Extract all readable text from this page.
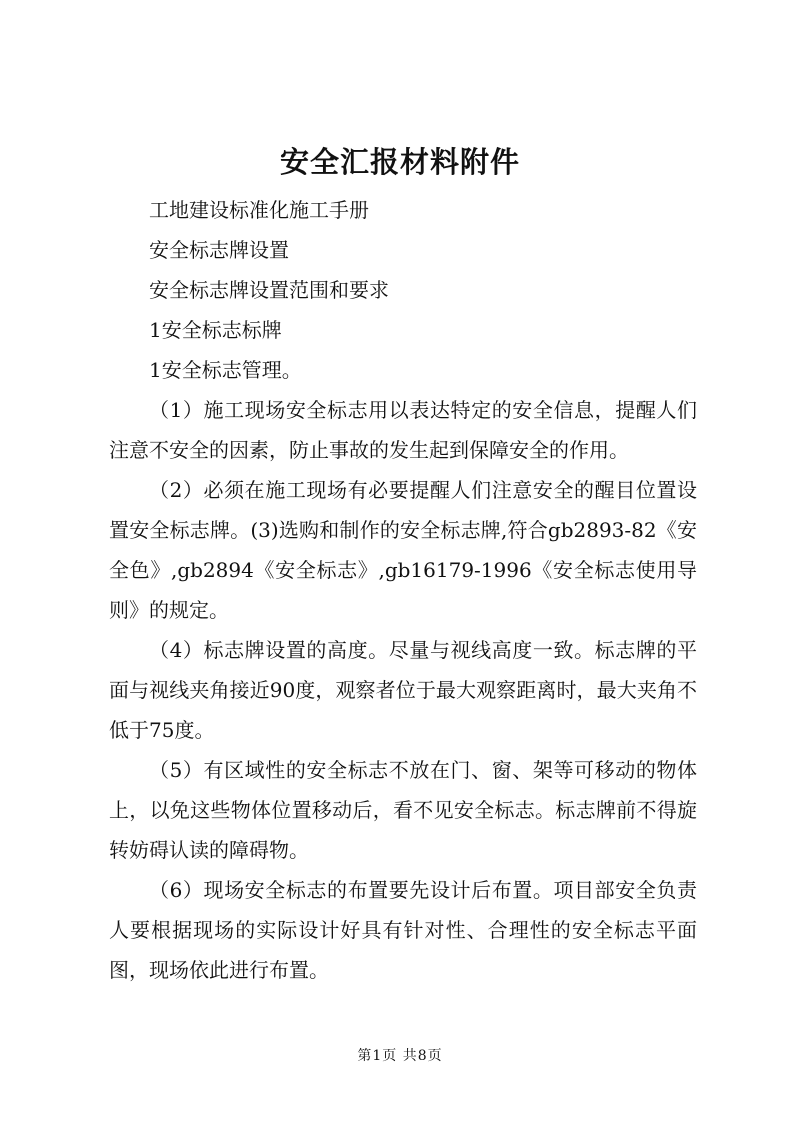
安全汇报材料附件

工地建设标准化施工手册

安全标志牌设置

安全标志牌设置范围和要求

1安全标志标牌

1安全标志管理。

（1）施工现场安全标志用以表达特定的安全信息，提醒人们注意不安全的因素，防止事故的发生起到保障安全的作用。

（2）必须在施工现场有必要提醒人们注意安全的醒目位置设置安全标志牌。(3)选购和制作的安全标志牌,符合gb2893-82《安全色》,gb2894《安全标志》,gb16179-1996《安全标志使用导则》的规定。

（4）标志牌设置的高度。尽量与视线高度一致。标志牌的平面与视线夹角接近90度，观察者位于最大观察距离时，最大夹角不低于75度。

（5）有区域性的安全标志不放在门、窗、架等可移动的物体上，以免这些物体位置移动后，看不见安全标志。标志牌前不得旋转妨碍认读的障碍物。

（6）现场安全标志的布置要先设计后布置。项目部安全负责人要根据现场的实际设计好具有针对性、合理性的安全标志平面图，现场依此进行布置。

第1页 共8页
